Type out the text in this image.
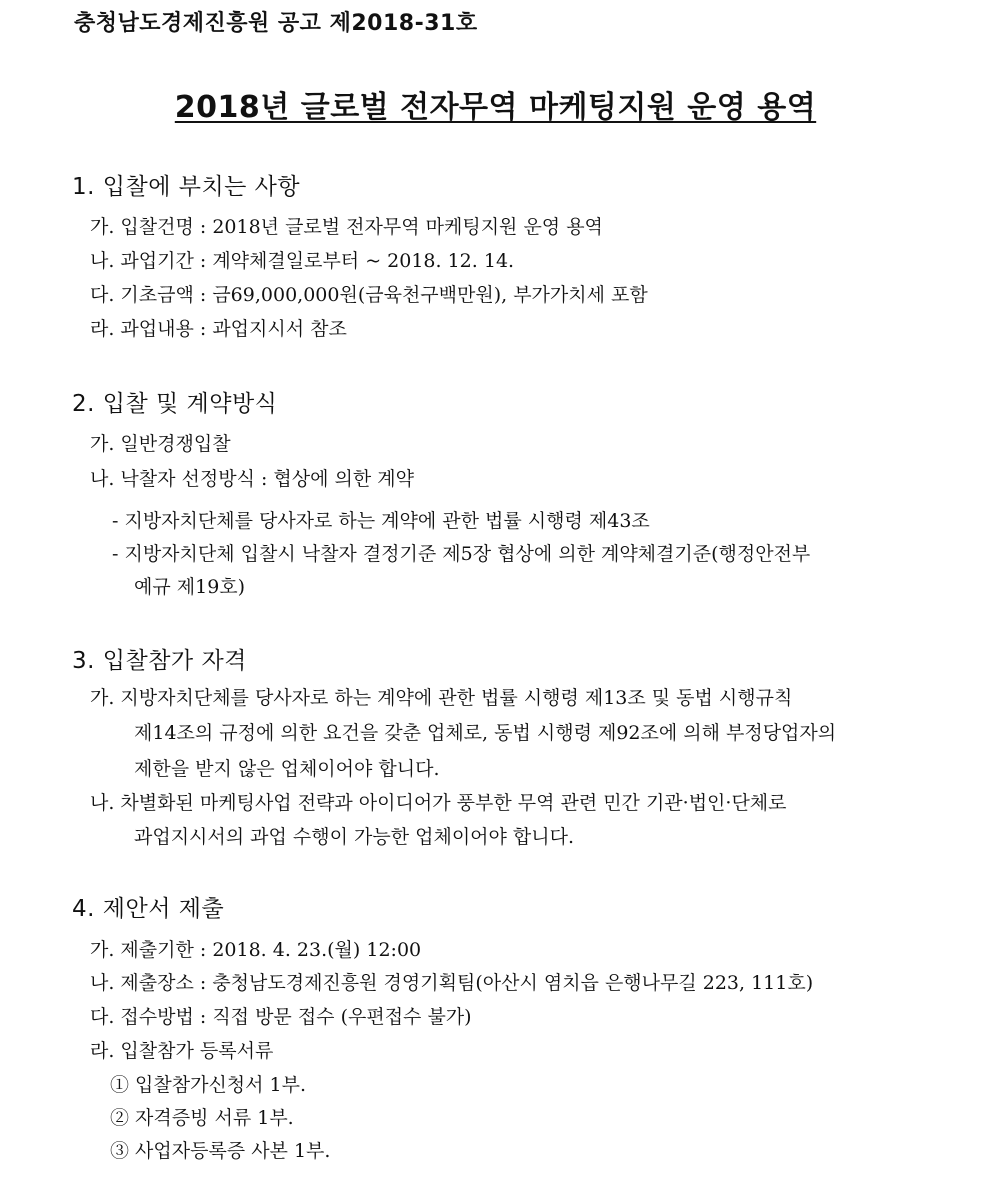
충청남도경제진흥원 공고 제2018-31호
2018년 글로벌 전자무역 마케팅지원 운영 용역
1. 입찰에 부치는 사항
가. 입찰건명 : 2018년 글로벌 전자무역 마케팅지원 운영 용역
나. 과업기간 : 계약체결일로부터 ~ 2018. 12. 14.
다. 기초금액 : 금69,000,000원(금육천구백만원), 부가가치세 포함
라. 과업내용 : 과업지시서 참조
2. 입찰 및 계약방식
가. 일반경쟁입찰
나. 낙찰자 선정방식 : 협상에 의한 계약
- 지방자치단체를 당사자로 하는 계약에 관한 법률 시행령 제43조
- 지방자치단체 입찰시 낙찰자 결정기준 제5장 협상에 의한 계약체결기준(행정안전부
예규 제19호)
3. 입찰참가 자격
가. 지방자치단체를 당사자로 하는 계약에 관한 법률 시행령 제13조 및 동법 시행규칙
제14조의 규정에 의한 요건을 갖춘 업체로, 동법 시행령 제92조에 의해 부정당업자의
제한을 받지 않은 업체이어야 합니다.
나. 차별화된 마케팅사업 전략과 아이디어가 풍부한 무역 관련 민간 기관·법인·단체로
과업지시서의 과업 수행이 가능한 업체이어야 합니다.
4. 제안서 제출
가. 제출기한 : 2018. 4. 23.(월) 12:00
나. 제출장소 : 충청남도경제진흥원 경영기획팀(아산시 염치읍 은행나무길 223, 111호)
다. 접수방법 : 직접 방문 접수 (우편접수 불가)
라. 입찰참가 등록서류
① 입찰참가신청서 1부.
② 자격증빙 서류 1부.
③ 사업자등록증 사본 1부.
